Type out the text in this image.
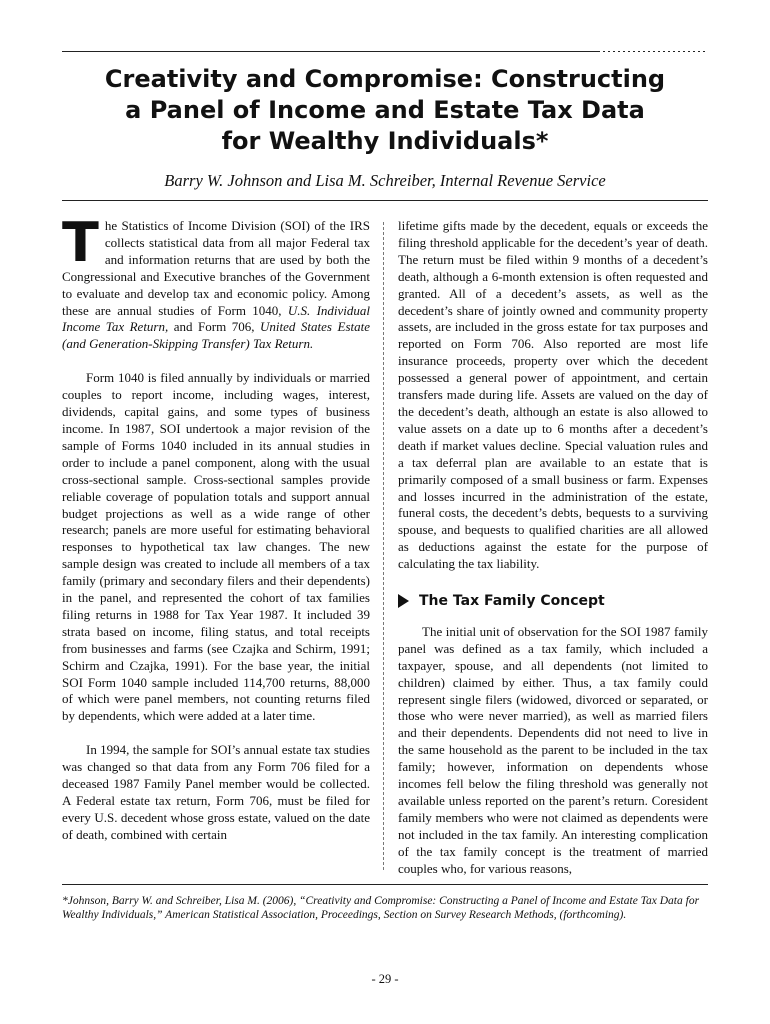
Creativity and Compromise: Constructing
a Panel of Income and Estate Tax Data
for Wealthy Individuals*
Barry W. Johnson and Lisa M. Schreiber, Internal Revenue Service

The Statistics of Income Division (SOI) of the IRS collects statistical data from all major Federal tax and information returns that are used by both the Congressional and Executive branches of the Government to evaluate and develop tax and economic policy. Among these are annual studies of Form 1040, U.S. Individual Income Tax Return, and Form 706, United States Estate (and Generation-Skipping Transfer) Tax Return.

Form 1040 is filed annually by individuals or married couples to report income, including wages, interest, dividends, capital gains, and some types of business income. In 1987, SOI undertook a major revision of the sample of Forms 1040 included in its annual studies in order to include a panel component, along with the usual cross-sectional sample. Cross-sectional samples provide reliable coverage of population totals and support annual budget projections as well as a wide range of other research; panels are more useful for estimating behavioral responses to hypothetical tax law changes. The new sample design was created to include all members of a tax family (primary and secondary filers and their dependents) in the panel, and represented the cohort of tax families filing returns in 1988 for Tax Year 1987. It included 39 strata based on income, filing status, and total receipts from businesses and farms (see Czajka and Schirm, 1991; Schirm and Czajka, 1991). For the base year, the initial SOI Form 1040 sample included 114,700 returns, 88,000 of which were panel members, not counting returns filed by dependents, which were added at a later time.

In 1994, the sample for SOI’s annual estate tax studies was changed so that data from any Form 706 filed for a deceased 1987 Family Panel member would be collected. A Federal estate tax return, Form 706, must be filed for every U.S. decedent whose gross estate, valued on the date of death, combined with certain

lifetime gifts made by the decedent, equals or exceeds the filing threshold applicable for the decedent’s year of death. The return must be filed within 9 months of a decedent’s death, although a 6-month extension is often requested and granted. All of a decedent’s assets, as well as the decedent’s share of jointly owned and community property assets, are included in the gross estate for tax purposes and reported on Form 706. Also reported are most life insurance proceeds, property over which the decedent possessed a general power of appointment, and certain transfers made during life. Assets are valued on the day of the decedent’s death, although an estate is also allowed to value assets on a date up to 6 months after a decedent’s death if market values decline. Special valuation rules and a tax deferral plan are available to an estate that is primarily composed of a small business or farm. Expenses and losses incurred in the administration of the estate, funeral costs, the decedent’s debts, bequests to a surviving spouse, and bequests to qualified charities are all allowed as deductions against the estate for the purpose of calculating the tax liability.

The Tax Family Concept

The initial unit of observation for the SOI 1987 family panel was defined as a tax family, which included a taxpayer, spouse, and all dependents (not limited to children) claimed by either. Thus, a tax family could represent single filers (widowed, divorced or separated, or those who were never married), as well as married filers and their dependents. Dependents did not need to live in the same household as the parent to be included in the tax family; however, information on dependents whose incomes fell below the filing threshold was generally not available unless reported on the parent’s return. Coresident family members who were not claimed as dependents were not included in the tax family. An interesting complication of the tax family concept is the treatment of married couples who, for various reasons,

*Johnson, Barry W. and Schreiber, Lisa M. (2006), “Creativity and Compromise: Constructing a Panel of Income and Estate Tax Data for Wealthy Individuals,” American Statistical Association, Proceedings, Section on Survey Research Methods, (forthcoming).
- 29 -
